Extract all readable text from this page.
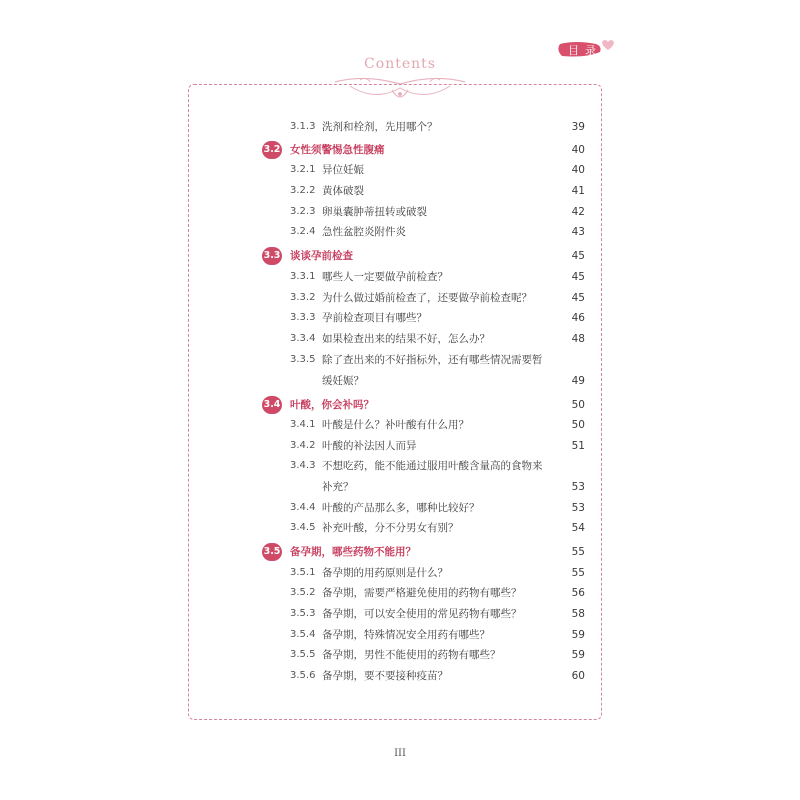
目录
Contents
3.1.3 洗剂和栓剂，先用哪个？	39
3.2 女性须警惕急性腹痛	40
3.2.1 异位妊娠	40
3.2.2 黄体破裂	41
3.2.3 卵巢囊肿蒂扭转或破裂	42
3.2.4 急性盆腔炎附件炎	43
3.3 谈谈孕前检查	45
3.3.1 哪些人一定要做孕前检查？	45
3.3.2 为什么做过婚前检查了，还要做孕前检查呢？	45
3.3.3 孕前检查项目有哪些？	46
3.3.4 如果检查出来的结果不好，怎么办？	48
3.3.5 除了查出来的不好指标外，还有哪些情况需要暂
缓妊娠？	49
3.4 叶酸，你会补吗？	50
3.4.1 叶酸是什么？补叶酸有什么用？	50
3.4.2 叶酸的补法因人而异	51
3.4.3 不想吃药，能不能通过服用叶酸含量高的食物来
补充？	53
3.4.4 叶酸的产品那么多，哪种比较好？	53
3.4.5 补充叶酸，分不分男女有别？	54
3.5 备孕期，哪些药物不能用？	55
3.5.1 备孕期的用药原则是什么？	55
3.5.2 备孕期，需要严格避免使用的药物有哪些？	56
3.5.3 备孕期，可以安全使用的常见药物有哪些？	58
3.5.4 备孕期，特殊情况安全用药有哪些？	59
3.5.5 备孕期，男性不能使用的药物有哪些？	59
3.5.6 备孕期，要不要接种疫苗？	60
III
